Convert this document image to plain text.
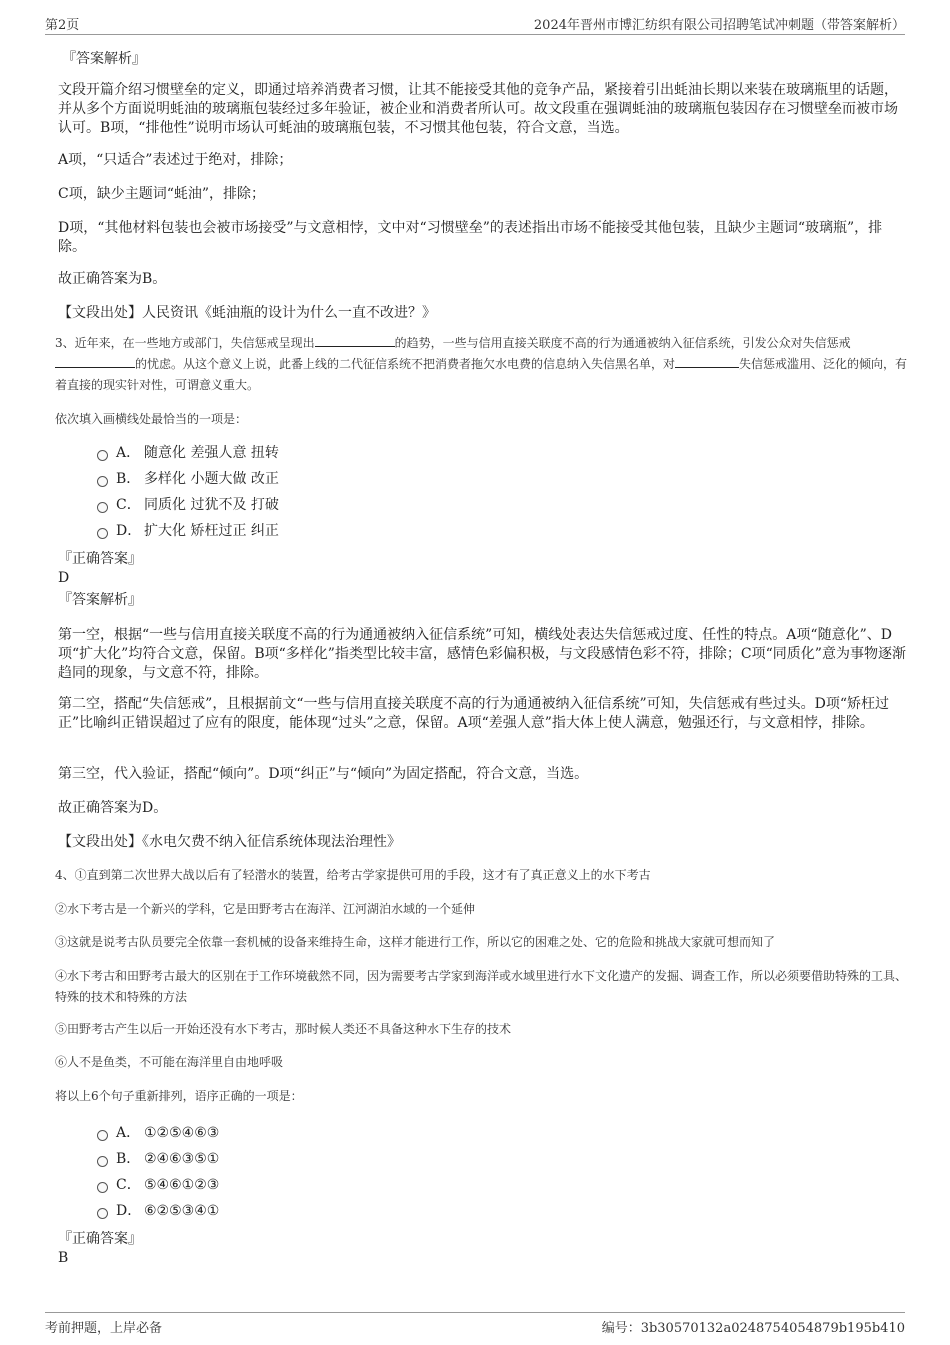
第2页	2024年晋州市博汇纺织有限公司招聘笔试冲刺题（带答案解析）
『答案解析』
文段开篇介绍习惯壁垒的定义，即通过培养消费者习惯，让其不能接受其他的竞争产品，紧接着引出蚝油长期以来装在玻璃瓶里的话题，并从多个方面说明蚝油的玻璃瓶包装经过多年验证，被企业和消费者所认可。故文段重在强调蚝油的玻璃瓶包装因存在习惯壁垒而被市场认可。B项，“排他性”说明市场认可蚝油的玻璃瓶包装，不习惯其他包装，符合文意，当选。
A项，“只适合”表述过于绝对，排除；
C项，缺少主题词“蚝油”，排除；
D项，“其他材料包装也会被市场接受”与文意相悖，文中对“习惯壁垒”的表述指出市场不能接受其他包装，且缺少主题词“玻璃瓶”，排除。
故正确答案为B。
【文段出处】人民资讯《蚝油瓶的设计为什么一直不改进？》
3、近年来，在一些地方或部门，失信惩戒呈现出	的趋势，一些与信用直接关联度不高的行为通通被纳入征信系统，引发公众对失信惩戒的忧虑。从这个意义上说，此番上线的二代征信系统不把消费者拖欠水电费的信息纳入失信黑名单，对	失信惩戒滥用、泛化的倾向，有着直接的现实针对性，可谓意义重大。
依次填入画横线处最恰当的一项是：
A． 随意化 差强人意 扭转
B． 多样化 小题大做 改正
C． 同质化 过犹不及 打破
D． 扩大化 矫枉过正 纠正
『正确答案』
D
『答案解析』
第一空，根据“一些与信用直接关联度不高的行为通通被纳入征信系统”可知，横线处表达失信惩戒过度、任性的特点。A项“随意化”、D项“扩大化”均符合文意，保留。B项“多样化”指类型比较丰富，感情色彩偏积极，与文段感情色彩不符，排除；C项“同质化”意为事物逐渐趋同的现象，与文意不符，排除。
第二空，搭配“失信惩戒”，且根据前文“一些与信用直接关联度不高的行为通通被纳入征信系统”可知，失信惩戒有些过头。D项“矫枉过正”比喻纠正错误超过了应有的限度，能体现“过头”之意，保留。A项“差强人意”指大体上使人满意，勉强还行，与文意相悖，排除。
第三空，代入验证，搭配“倾向”。D项“纠正”与“倾向”为固定搭配，符合文意，当选。
故正确答案为D。
【文段出处】《水电欠费不纳入征信系统体现法治理性》
4、①直到第二次世界大战以后有了轻潜水的装置，给考古学家提供可用的手段，这才有了真正意义上的水下考古
②水下考古是一个新兴的学科，它是田野考古在海洋、江河湖泊水域的一个延伸
③这就是说考古队员要完全依靠一套机械的设备来维持生命，这样才能进行工作，所以它的困难之处、它的危险和挑战大家就可想而知了
④水下考古和田野考古最大的区别在于工作环境截然不同，因为需要考古学家到海洋或水域里进行水下文化遗产的发掘、调查工作，所以必须要借助特殊的工具、特殊的技术和特殊的方法
⑤田野考古产生以后一开始还没有水下考古，那时候人类还不具备这种水下生存的技术
⑥人不是鱼类，不可能在海洋里自由地呼吸
将以上6个句子重新排列，语序正确的一项是：
A． ①②⑤④⑥③
B． ②④⑥③⑤①
C． ⑤④⑥①②③
D． ⑥②⑤③④①
『正确答案』
B
考前押题，上岸必备	编号：3b30570132a0248754054879b195b410
